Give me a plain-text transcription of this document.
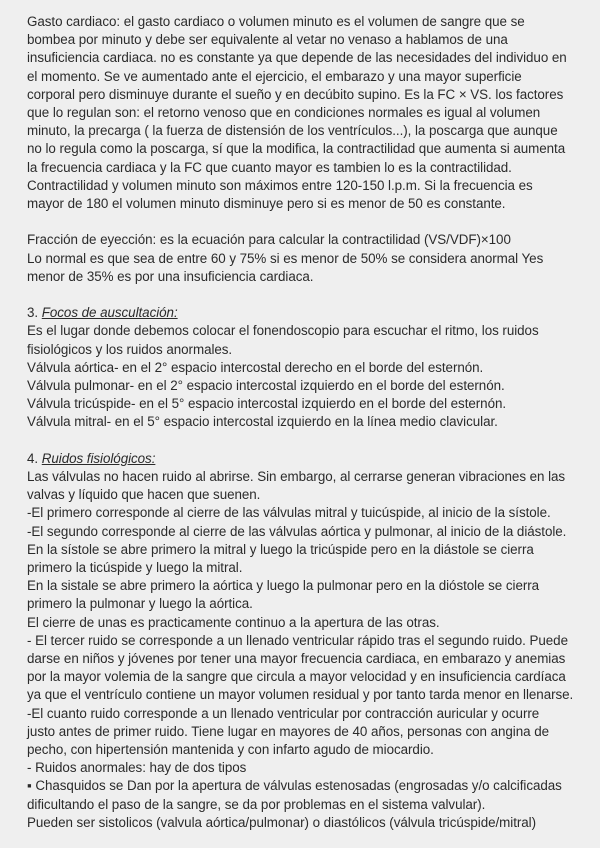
Gasto cardiaco: el gasto cardiaco o volumen minuto es el volumen de sangre que se

bombea por minuto y debe ser equivalente al vetar no venaso a hablamos de una

insuficiencia cardiaca. no es constante ya que depende de las necesidades del individuo en

el momento. Se ve aumentado ante el ejercicio, el embarazo y una mayor superficie

corporal pero disminuye durante el sueño y en decúbito supino. Es la FC × VS. los factores

que lo regulan son: el retorno venoso que en condiciones normales es igual al volumen

minuto, la precarga ( la fuerza de distensión de los ventrículos...), la poscarga que aunque

no lo regula como la poscarga, sí que la modifica, la contractilidad que aumenta si aumenta

la frecuencia cardiaca y la FC que cuanto mayor es tambien lo es la contractilidad.

Contractilidad y volumen minuto son máximos entre 120-150 l.p.m. Si la frecuencia es

mayor de 180 el volumen minuto disminuye pero si es menor de 50 es constante.

Fracción de eyección: es la ecuación para calcular la contractilidad (VS/VDF)×100

Lo normal es que sea de entre 60 y 75% si es menor de 50% se considera anormal Yes

menor de 35% es por una insuficiencia cardiaca.

3. Focos de auscultación:

Es el lugar donde debemos colocar el fonendoscopio para escuchar el ritmo, los ruidos

fisiológicos y los ruidos anormales.

Válvula aórtica- en el 2° espacio intercostal derecho en el borde del esternón.

Válvula pulmonar- en el 2° espacio intercostal izquierdo en el borde del esternón.

Válvula tricúspide- en el 5° espacio intercostal izquierdo en el borde del esternón.

Válvula mitral- en el 5° espacio intercostal izquierdo en la línea medio clavicular.

4. Ruidos fisiológicos:

Las válvulas no hacen ruido al abrirse. Sin embargo, al cerrarse generan vibraciones en las

valvas y líquido que hacen que suenen.

-El primero corresponde al cierre de las válvulas mitral y tuicúspide, al inicio de la sístole.

-El segundo corresponde al cierre de las válvulas aórtica y pulmonar, al inicio de la diástole.

En la sístole se abre primero la mitral y luego la tricúspide pero en la diástole se cierra

primero la ticúspide y luego la mitral.

En la sistale se abre primero la aórtica y luego la pulmonar pero en la dióstole se cierra

primero la pulmonar y luego la aórtica.

El cierre de unas es practicamente continuo a la apertura de las otras.

- El tercer ruido se corresponde a un llenado ventricular rápido tras el segundo ruido. Puede

darse en niños y jóvenes por tener una mayor frecuencia cardiaca, en embarazo y anemias

por la mayor volemia de la sangre que circula a mayor velocidad y en insuficiencia cardíaca

ya que el ventrículo contiene un mayor volumen residual y por tanto tarda menor en llenarse.

-El cuanto ruido corresponde a un llenado ventricular por contracción auricular y ocurre

justo antes de primer ruido. Tiene lugar en mayores de 40 años, personas con angina de

pecho, con hipertensión mantenida y con infarto agudo de miocardio.

- Ruidos anormales: hay de dos tipos

▪ Chasquidos se Dan por la apertura de válvulas estenosadas (engrosadas y/o calcificadas

dificultando el paso de la sangre, se da por problemas en el sistema valvular).

Pueden ser sistolicos (valvula aórtica/pulmonar) o diastólicos (válvula tricúspide/mitral)
